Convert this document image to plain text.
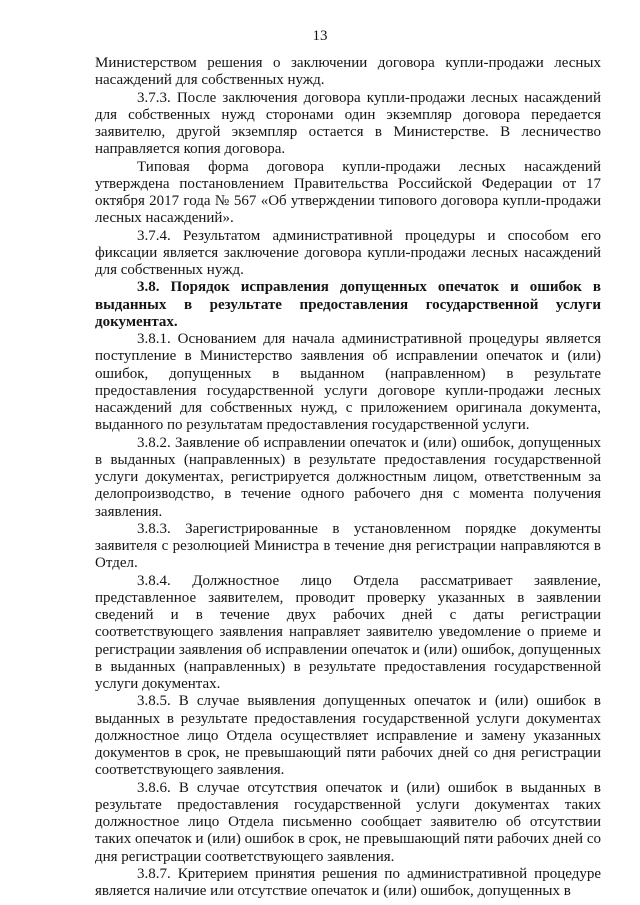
13

Министерством решения о заключении договора купли-продажи лесных насаждений для собственных нужд.

3.7.3. После заключения договора купли-продажи лесных насаждений для собственных нужд сторонами один экземпляр договора передается заявителю, другой экземпляр остается в Министерстве. В лесничество направляется копия договора.

Типовая форма договора купли-продажи лесных насаждений утверждена постановлением Правительства Российской Федерации от 17 октября 2017 года № 567 «Об утверждении типового договора купли-продажи лесных насаждений».

3.7.4. Результатом административной процедуры и способом его фиксации является заключение договора купли-продажи лесных насаждений для собственных нужд.

3.8. Порядок исправления допущенных опечаток и ошибок в выданных в результате предоставления государственной услуги документах.

3.8.1. Основанием для начала административной процедуры является поступление в Министерство заявления об исправлении опечаток и (или) ошибок, допущенных в выданном (направленном) в результате предоставления государственной услуги договоре купли-продажи лесных насаждений для собственных нужд, с приложением оригинала документа, выданного по результатам предоставления государственной услуги.

3.8.2. Заявление об исправлении опечаток и (или) ошибок, допущенных в выданных (направленных) в результате предоставления государственной услуги документах, регистрируется должностным лицом, ответственным за делопроизводство, в течение одного рабочего дня с момента получения заявления.

3.8.3. Зарегистрированные в установленном порядке документы заявителя с резолюцией Министра в течение дня регистрации направляются в Отдел.

3.8.4. Должностное лицо Отдела рассматривает заявление, представленное заявителем, проводит проверку указанных в заявлении сведений и в течение двух рабочих дней с даты регистрации соответствующего заявления направляет заявителю уведомление о приеме и регистрации заявления об исправлении опечаток и (или) ошибок, допущенных в выданных (направленных) в результате предоставления государственной услуги документах.

3.8.5. В случае выявления допущенных опечаток и (или) ошибок в выданных в результате предоставления государственной услуги документах должностное лицо Отдела осуществляет исправление и замену указанных документов в срок, не превышающий пяти рабочих дней со дня регистрации соответствующего заявления.

3.8.6. В случае отсутствия опечаток и (или) ошибок в выданных в результате предоставления государственной услуги документах таких должностное лицо Отдела письменно сообщает заявителю об отсутствии таких опечаток и (или) ошибок в срок, не превышающий пяти рабочих дней со дня регистрации соответствующего заявления.

3.8.7. Критерием принятия решения по административной процедуре является наличие или отсутствие опечаток и (или) ошибок, допущенных в
